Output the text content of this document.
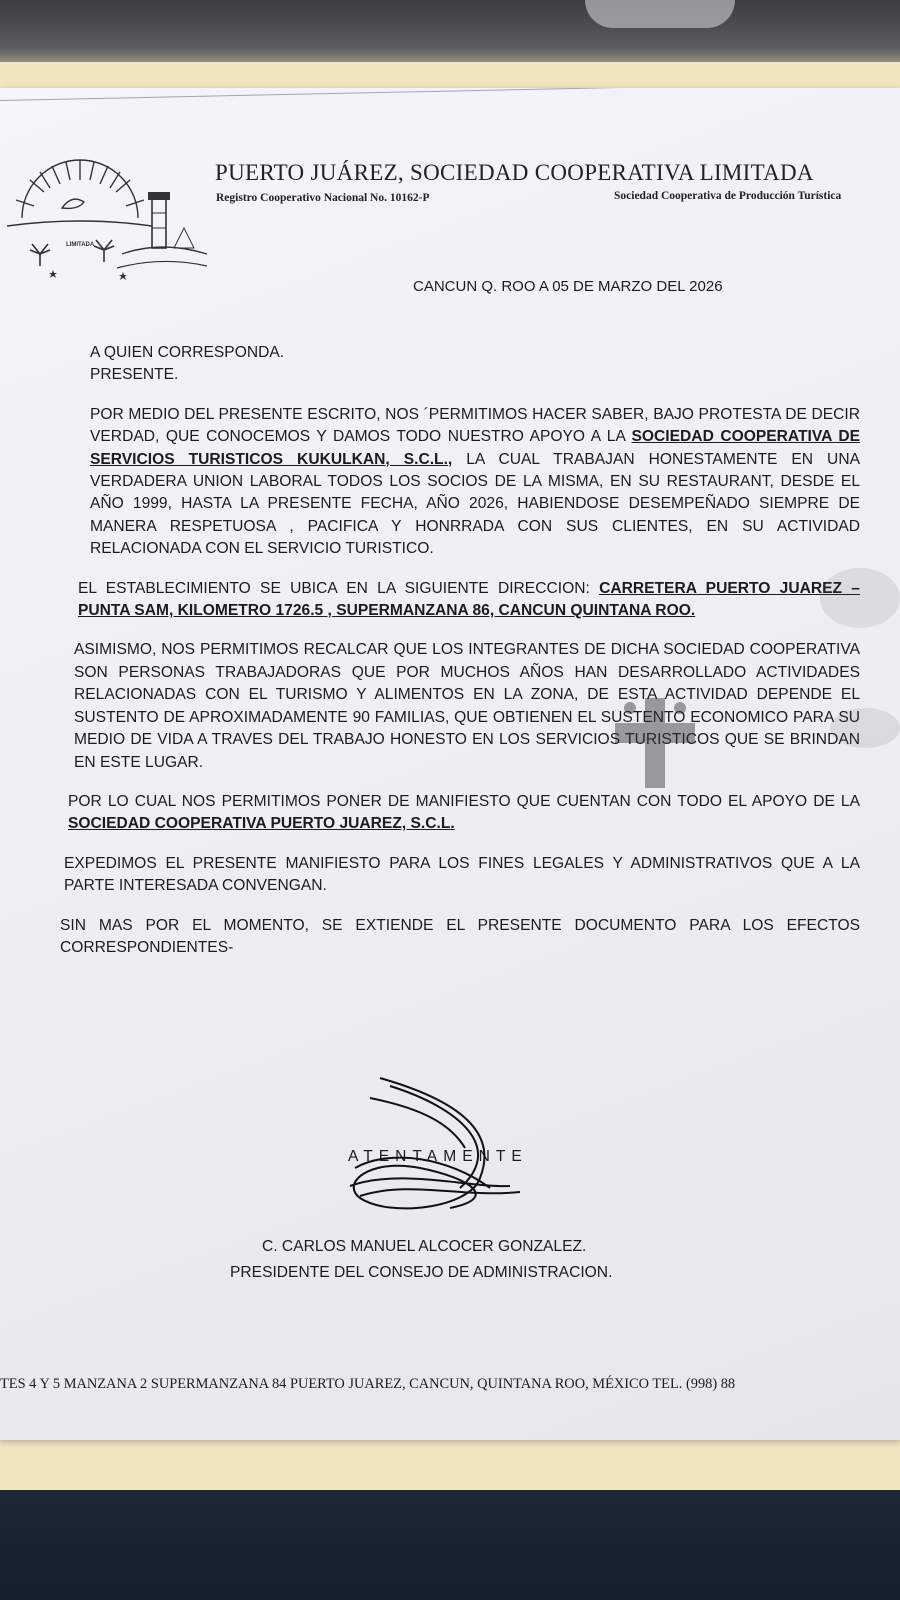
LIMITADA
PUERTO JUÁREZ, SOCIEDAD COOPERATIVA LIMITADA
Registro Cooperativo Nacional No. 10162-P	Sociedad Cooperativa de Producción Turística
CANCUN Q. ROO A 05 DE MARZO DEL 2026

A QUIEN CORRESPONDA.

PRESENTE.

POR MEDIO DEL PRESENTE ESCRITO, NOS ´PERMITIMOS HACER SABER, BAJO PROTESTA DE DECIR VERDAD, QUE CONOCEMOS Y DAMOS TODO NUESTRO APOYO A LA SOCIEDAD COOPERATIVA DE SERVICIOS TURISTICOS KUKULKAN, S.C.L., LA CUAL TRABAJAN HONESTAMENTE EN UNA VERDADERA UNION LABORAL TODOS LOS SOCIOS DE LA MISMA, EN SU RESTAURANT, DESDE EL AÑO 1999, HASTA LA PRESENTE FECHA, AÑO 2026, HABIENDOSE DESEMPEÑADO SIEMPRE DE MANERA RESPETUOSA , PACIFICA Y HONRRADA CON SUS CLIENTES, EN SU ACTIVIDAD RELACIONADA CON EL SERVICIO TURISTICO.

EL ESTABLECIMIENTO SE UBICA EN LA SIGUIENTE DIRECCION: CARRETERA PUERTO JUAREZ – PUNTA SAM, KILOMETRO 1726.5 , SUPERMANZANA 86, CANCUN QUINTANA ROO.

ASIMISMO, NOS PERMITIMOS RECALCAR QUE LOS INTEGRANTES DE DICHA SOCIEDAD COOPERATIVA SON PERSONAS TRABAJADORAS QUE POR MUCHOS AÑOS HAN DESARROLLADO ACTIVIDADES RELACIONADAS CON EL TURISMO Y ALIMENTOS EN LA ZONA, DE ESTA ACTIVIDAD DEPENDE EL SUSTENTO DE APROXIMADAMENTE 90 FAMILIAS, QUE OBTIENEN EL SUSTENTO ECONOMICO PARA SU MEDIO DE VIDA A TRAVES DEL TRABAJO HONESTO EN LOS SERVICIOS TURISTICOS QUE SE BRINDAN EN ESTE LUGAR.

POR LO CUAL NOS PERMITIMOS PONER DE MANIFIESTO QUE CUENTAN CON TODO EL APOYO DE LA SOCIEDAD COOPERATIVA PUERTO JUAREZ, S.C.L.

EXPEDIMOS EL PRESENTE MANIFIESTO PARA LOS FINES LEGALES Y ADMINISTRATIVOS QUE A LA PARTE INTERESADA CONVENGAN.

SIN MAS POR EL MOMENTO, SE EXTIENDE EL PRESENTE DOCUMENTO PARA LOS EFECTOS CORRESPONDIENTES-

ATENTAMENTE
C. CARLOS MANUEL ALCOCER GONZALEZ.
PRESIDENTE DEL CONSEJO DE ADMINISTRACION.
TES 4 Y 5 MANZANA 2 SUPERMANZANA 84 PUERTO JUAREZ, CANCUN, QUINTANA ROO, MÉXICO TEL. (998) 88
